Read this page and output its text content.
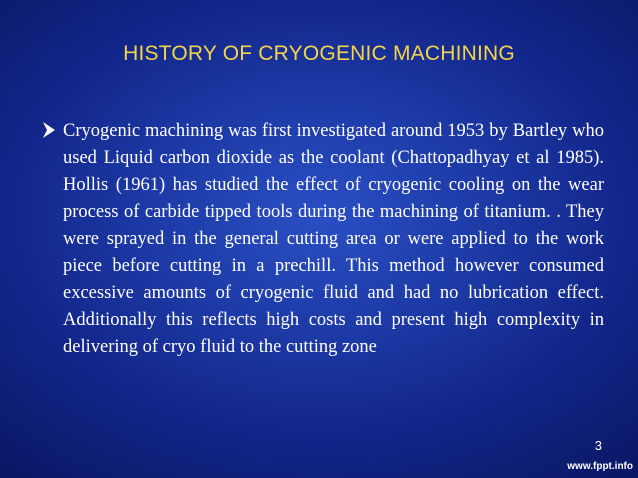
HISTORY OF CRYOGENIC MACHINING
Cryogenic machining was first investigated around 1953 by Bartley who used Liquid carbon dioxide as the coolant (Chattopadhyay et al 1985). Hollis (1961) has studied the effect of cryogenic cooling on the wear process of carbide tipped tools during the machining of titanium. . They were sprayed in the general cutting area or were applied to the work piece before cutting in a prechill. This method however consumed excessive amounts of cryogenic fluid and had no lubrication effect. Additionally this reflects high costs and present high complexity in delivering of cryo fluid to the cutting zone
3
www.fppt.info
